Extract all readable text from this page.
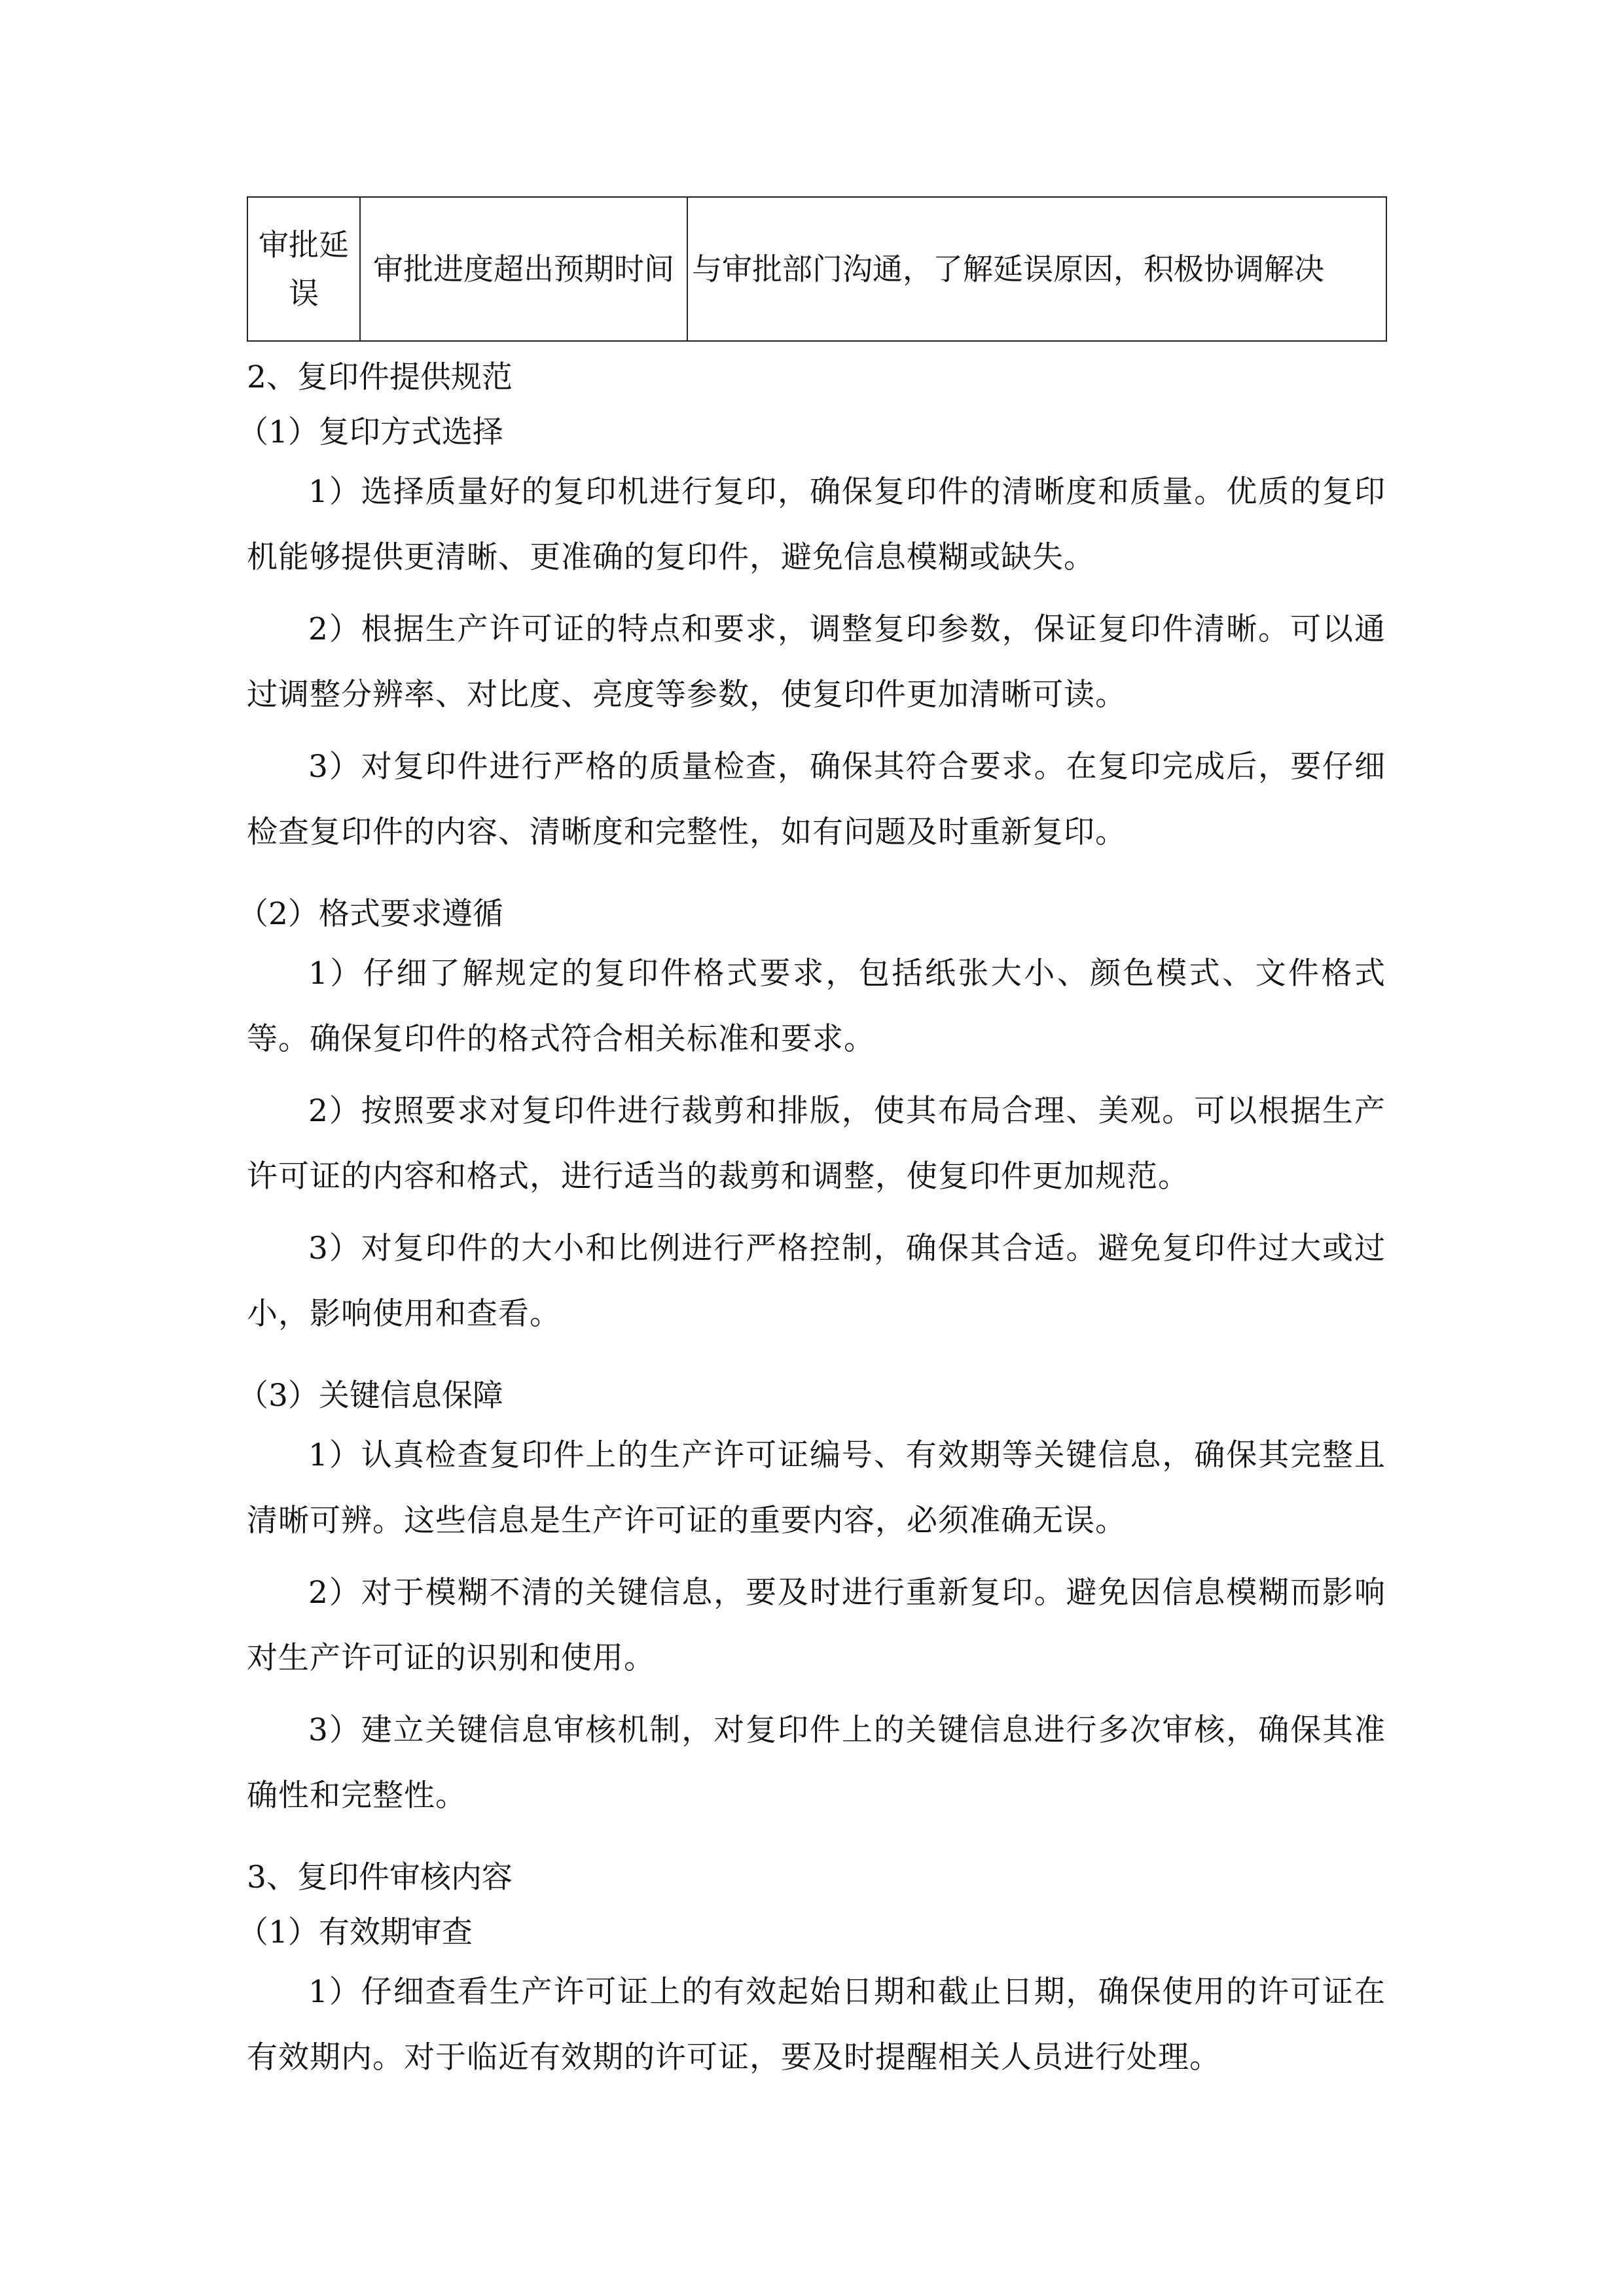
审批延误	审批进度超出预期时间	与审批部门沟通，了解延误原因，积极协调解决

2、复印件提供规范

（1）复印方式选择

1）选择质量好的复印机进行复印，确保复印件的清晰度和质量。优质的复印机能够提供更清晰、更准确的复印件，避免信息模糊或缺失。

2）根据生产许可证的特点和要求，调整复印参数，保证复印件清晰。可以通过调整分辨率、对比度、亮度等参数，使复印件更加清晰可读。

3）对复印件进行严格的质量检查，确保其符合要求。在复印完成后，要仔细检查复印件的内容、清晰度和完整性，如有问题及时重新复印。

（2）格式要求遵循

1）仔细了解规定的复印件格式要求，包括纸张大小、颜色模式、文件格式等。确保复印件的格式符合相关标准和要求。

2）按照要求对复印件进行裁剪和排版，使其布局合理、美观。可以根据生产许可证的内容和格式，进行适当的裁剪和调整，使复印件更加规范。

3）对复印件的大小和比例进行严格控制，确保其合适。避免复印件过大或过小，影响使用和查看。

（3）关键信息保障

1）认真检查复印件上的生产许可证编号、有效期等关键信息，确保其完整且清晰可辨。这些信息是生产许可证的重要内容，必须准确无误。

2）对于模糊不清的关键信息，要及时进行重新复印。避免因信息模糊而影响对生产许可证的识别和使用。

3）建立关键信息审核机制，对复印件上的关键信息进行多次审核，确保其准确性和完整性。

3、复印件审核内容

（1）有效期审查

1）仔细查看生产许可证上的有效起始日期和截止日期，确保使用的许可证在有效期内。对于临近有效期的许可证，要及时提醒相关人员进行处理。
